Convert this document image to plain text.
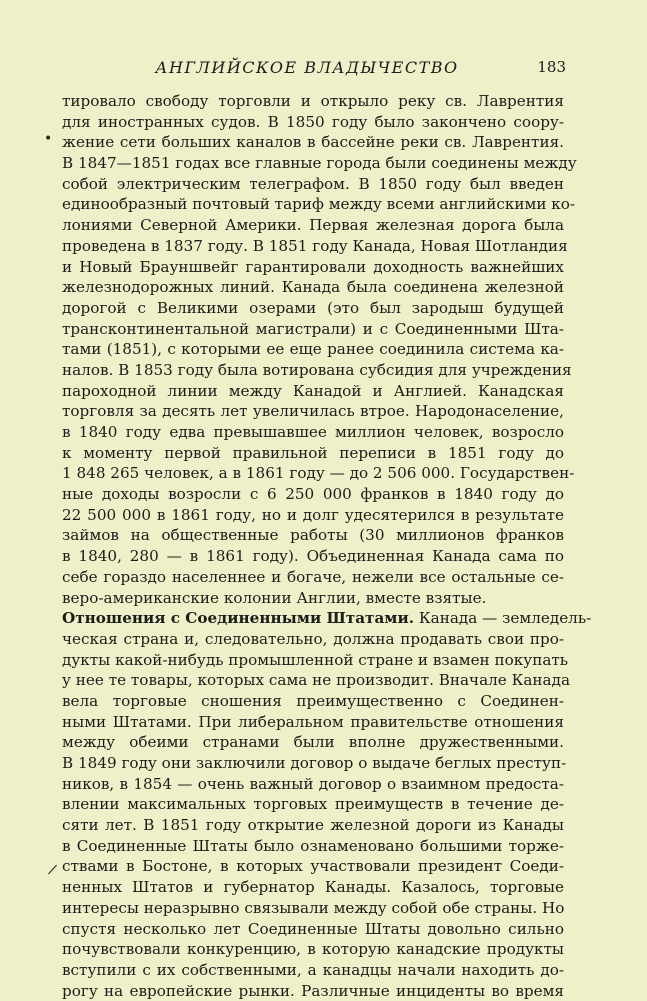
АНГЛИЙСКОЕ ВЛАДЫЧЕСТВО	183
•
/
тировало свободу торговли и открыло реку св. Лаврентия
для иностранных судов. В 1850 году было закончено соору-
жение сети больших каналов в бассейне реки св. Лаврентия.
В 1847—1851 годах все главные города были соединены между
собой электрическим телеграфом. В 1850 году был введен
единообразный почтовый тариф между всеми английскими ко-
лониями Северной Америки. Первая железная дорога была
проведена в 1837 году. В 1851 году Канада, Новая Шотландия
и Новый Брауншвейг гарантировали доходность важнейших
железнодорожных линий. Канада была соединена железной
дорогой с Великими озерами (это был зародыш будущей
трансконтинентальной магистрали) и с Соединенными Шта-
тами (1851), с которыми ее еще ранее соединила система ка-
налов. В 1853 году была вотирована субсидия для учреждения
пароходной линии между Канадой и Англией. Канадская
торговля за десять лет увеличилась втрое. Народонаселение,
в 1840 году едва превышавшее миллион человек, возросло
к моменту первой правильной переписи в 1851 году до
1 848 265 человек, а в 1861 году — до 2 506 000. Государствен-
ные доходы возросли с 6 250 000 франков в 1840 году до
22 500 000 в 1861 году, но и долг удесятерился в результате
займов на общественные работы (30 миллионов франков
в 1840, 280 — в 1861 году). Объединенная Канада сама по
себе гораздо населеннее и богаче, нежели все остальные се-
веро-американские колонии Англии, вместе взятые.
Отношения с Соединенными Штатами. Канада — земледель-
ческая страна и, следовательно, должна продавать свои про-
дукты какой-нибудь промышленной стране и взамен покупать
у нее те товары, которых сама не производит. Вначале Канада
вела торговые сношения преимущественно с Соединен-
ными Штатами. При либеральном правительстве отношения
между обеими странами были вполне дружественными.
В 1849 году они заключили договор о выдаче беглых преступ-
ников, в 1854 — очень важный договор о взаимном предоста-
влении максимальных торговых преимуществ в течение де-
сяти лет. В 1851 году открытие железной дороги из Канады
в Соединенные Штаты было ознаменовано большими торже-
ствами в Бостоне, в которых участвовали президент Соеди-
ненных Штатов и губернатор Канады. Казалось, торговые
интересы неразрывно связывали между собой обе страны. Но
спустя несколько лет Соединенные Штаты довольно сильно
почувствовали конкуренцию, в которую канадские продукты
вступили с их собственными, а канадцы начали находить до-
рогу на европейские рынки. Различные инциденты во время
